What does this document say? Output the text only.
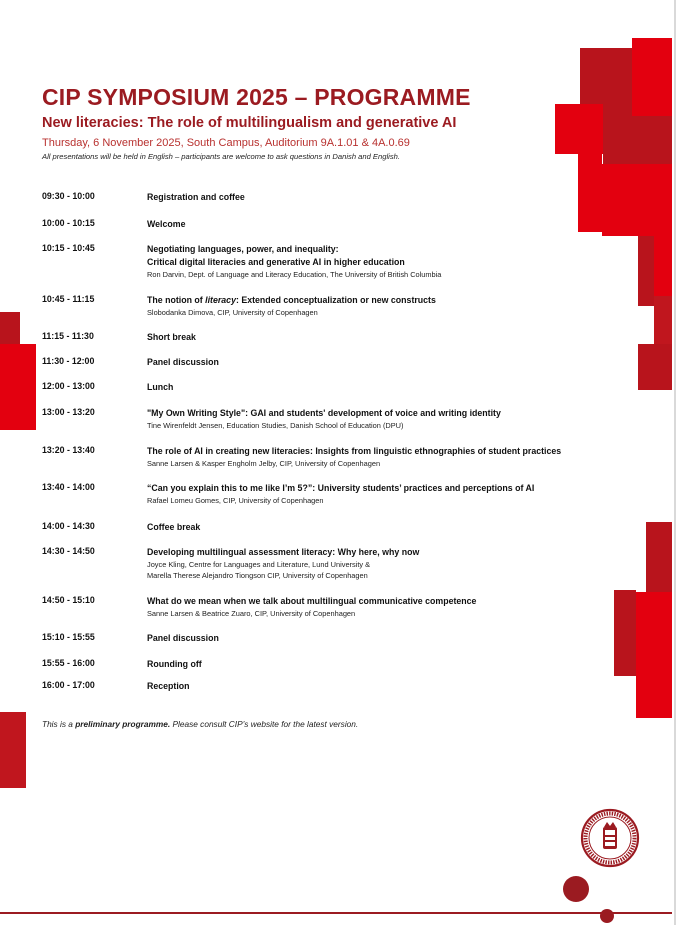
CIP SYMPOSIUM 2025 – PROGRAMME
New literacies: The role of multilingualism and generative AI
Thursday, 6 November 2025, South Campus, Auditorium 9A.1.01 & 4A.0.69
All presentations will be held in English – participants are welcome to ask questions in Danish and English.
09:30 - 10:00	Registration and coffee
10:00 - 10:15	Welcome
10:15 - 10:45	Negotiating languages, power, and inequality:
Critical digital literacies and generative AI in higher education
Ron Darvin, Dept. of Language and Literacy Education, The University of British Columbia
10:45 - 11:15	The notion of literacy: Extended conceptualization or new constructs
Slobodanka Dimova, CIP, University of Copenhagen
11:15 - 11:30	Short break
11:30 - 12:00	Panel discussion
12:00 - 13:00	Lunch
13:00 - 13:20	"My Own Writing Style": GAI and students' development of voice and writing identity
Tine Wirenfeldt Jensen, Education Studies, Danish School of Education (DPU)
13:20 - 13:40	The role of AI in creating new literacies: Insights from linguistic ethnographies of student practices
Sanne Larsen & Kasper Engholm Jelby, CIP, University of Copenhagen
13:40 - 14:00	“Can you explain this to me like I’m 5?”: University students’ practices and perceptions of AI
Rafael Lomeu Gomes, CIP, University of Copenhagen
14:00 - 14:30	Coffee break
14:30 - 14:50	Developing multilingual assessment literacy: Why here, why now
Joyce Kling, Centre for Languages and Literature, Lund University &
Marella Therese Alejandro Tiongson CIP, University of Copenhagen
14:50 - 15:10	What do we mean when we talk about multilingual communicative competence
Sanne Larsen & Beatrice Zuaro, CIP, University of Copenhagen
15:10 - 15:55	Panel discussion
15:55 - 16:00	Rounding off
16:00 - 17:00	Reception
This is a preliminary programme. Please consult CIP’s website for the latest version.
